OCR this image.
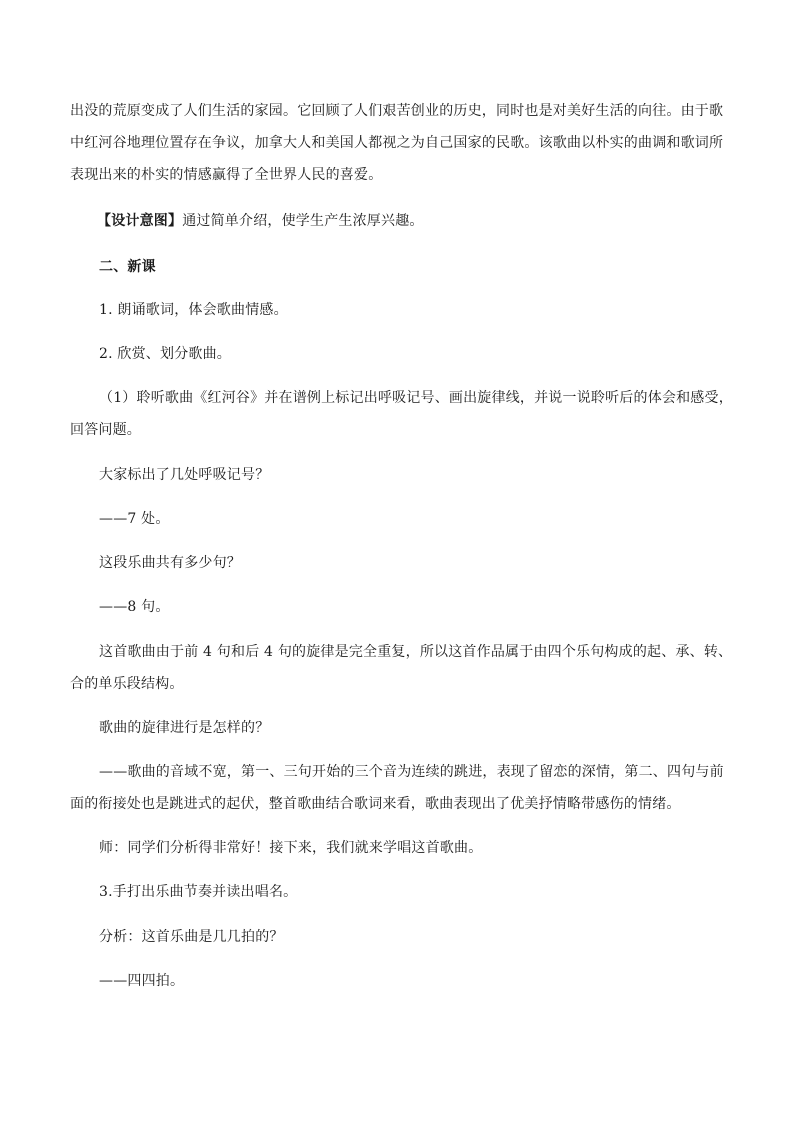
出没的荒原变成了人们生活的家园。它回顾了人们艰苦创业的历史，同时也是对美好生活的向往。由于歌
中红河谷地理位置存在争议，加拿大人和美国人都视之为自己国家的民歌。该歌曲以朴实的曲调和歌词所
表现出来的朴实的情感赢得了全世界人民的喜爱。
【设计意图】通过简单介绍，使学生产生浓厚兴趣。
二、新课
1. 朗诵歌词，体会歌曲情感。
2. 欣赏、划分歌曲。
（1）聆听歌曲《红河谷》并在谱例上标记出呼吸记号、画出旋律线，并说一说聆听后的体会和感受，
回答问题。
大家标出了几处呼吸记号？
——7 处。
这段乐曲共有多少句？
——8 句。
这首歌曲由于前 4 句和后 4 句的旋律是完全重复，所以这首作品属于由四个乐句构成的起、承、转、
合的单乐段结构。
歌曲的旋律进行是怎样的？
——歌曲的音域不宽，第一、三句开始的三个音为连续的跳进，表现了留恋的深情，第二、四句与前
面的衔接处也是跳进式的起伏，整首歌曲结合歌词来看，歌曲表现出了优美抒情略带感伤的情绪。
师：同学们分析得非常好！接下来，我们就来学唱这首歌曲。
3.手打出乐曲节奏并读出唱名。
分析：这首乐曲是几几拍的？
——四四拍。
